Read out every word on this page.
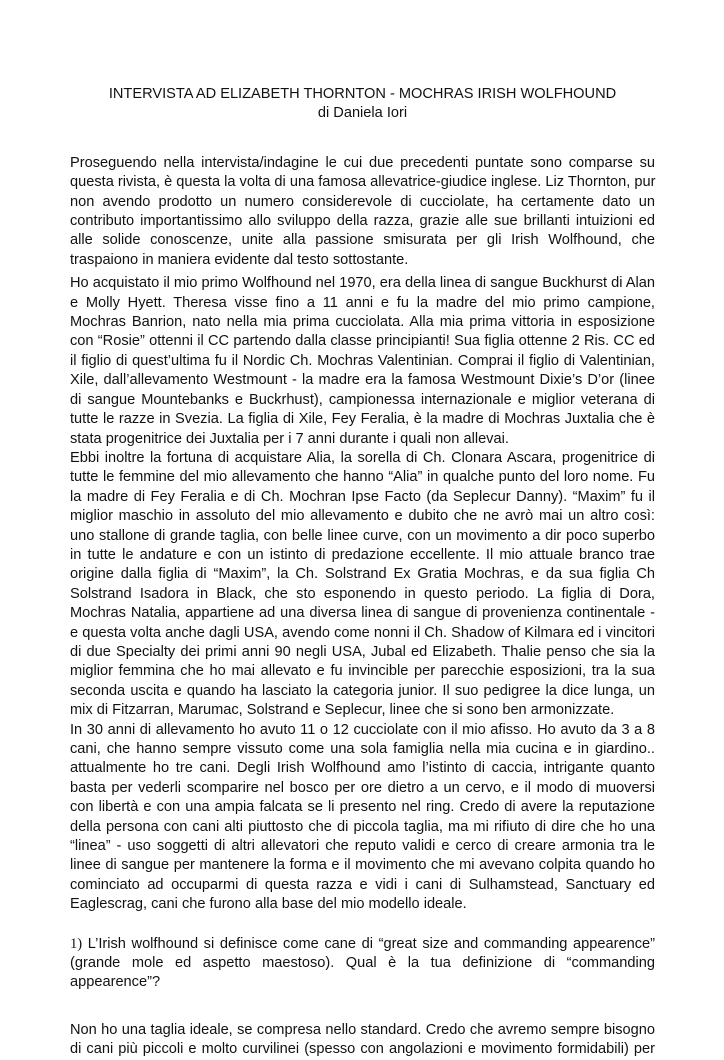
INTERVISTA AD ELIZABETH THORNTON - MOCHRAS IRISH WOLFHOUND
di Daniela Iori
Proseguendo nella intervista/indagine le cui due precedenti puntate sono comparse su
questa rivista, è questa la volta di una famosa allevatrice-giudice inglese. Liz Thornton, pur
non avendo prodotto un numero considerevole di cucciolate, ha certamente dato un
contributo importantissimo allo sviluppo della razza, grazie alle sue brillanti intuizioni ed
alle solide conoscenze, unite alla passione smisurata per gli Irish Wolfhound, che
traspaiono in maniera evidente dal testo sottostante.
Ho acquistato il mio primo Wolfhound nel 1970, era della linea di sangue Buckhurst di Alan
e Molly Hyett. Theresa visse fino a 11 anni e fu la madre del mio primo campione,
Mochras Banrion, nato nella mia prima cucciolata. Alla mia prima vittoria in esposizione
con “Rosie” ottenni il CC partendo dalla classe principianti! Sua figlia ottenne 2 Ris. CC ed
il figlio di quest’ultima fu il Nordic Ch. Mochras Valentinian. Comprai il figlio di Valentinian,
Xile, dall’allevamento Westmount - la madre era la famosa Westmount Dixie’s D’or (linee
di sangue Mountebanks e Buckrhust), campionessa internazionale e miglior veterana di
tutte le razze in Svezia. La figlia di Xile, Fey Feralia, è la madre di Mochras Juxtalia che è
stata progenitrice dei Juxtalia per i 7 anni durante i quali non allevai.
Ebbi inoltre la fortuna di acquistare Alia, la sorella di Ch. Clonara Ascara, progenitrice di
tutte le femmine del mio allevamento che hanno “Alia” in qualche punto del loro nome. Fu
la madre di Fey Feralia e di Ch. Mochran Ipse Facto (da Seplecur Danny). “Maxim” fu il
miglior maschio in assoluto del mio allevamento e dubito che ne avrò mai un altro così:
uno stallone di grande taglia, con belle linee curve, con un movimento a dir poco superbo
in tutte le andature e con un istinto di predazione eccellente. Il mio attuale branco trae
origine dalla figlia di “Maxim”, la Ch. Solstrand Ex Gratia Mochras, e da sua figlia Ch
Solstrand Isadora in Black, che sto esponendo in questo periodo. La figlia di Dora,
Mochras Natalia, appartiene ad una diversa linea di sangue di provenienza continentale -
e questa volta anche dagli USA, avendo come nonni il Ch. Shadow of Kilmara ed i vincitori
di due Specialty dei primi anni 90 negli USA, Jubal ed Elizabeth. Thalie penso che sia la
miglior femmina che ho mai allevato e fu invincible per parecchie esposizioni, tra la sua
seconda uscita e quando ha lasciato la categoria junior. Il suo pedigree la dice lunga, un
mix di Fitzarran, Marumac, Solstrand e Seplecur, linee che si sono ben armonizzate.
In 30 anni di allevamento ho avuto 11 o 12 cucciolate con il mio afisso. Ho avuto da 3 a 8
cani, che hanno sempre vissuto come una sola famiglia nella mia cucina e in giardino..
attualmente ho tre cani. Degli Irish Wolfhound amo l’istinto di caccia, intrigante quanto
basta per vederli scomparire nel bosco per ore dietro a un cervo, e il modo di muoversi
con libertà e con una ampia falcata se li presento nel ring. Credo di avere la reputazione
della persona con cani alti piuttosto che di piccola taglia, ma mi rifiuto di dire che ho una
“linea” - uso soggetti di altri allevatori che reputo validi e cerco di creare armonia tra le
linee di sangue per mantenere la forma e il movimento che mi avevano colpita quando ho
cominciato ad occuparmi di questa razza e vidi i cani di Sulhamstead, Sanctuary ed
Eaglescrag, cani che furono alla base del mio modello ideale.
1) L’Irish wolfhound si definisce come cane di “great size and commanding appearence”
(grande mole ed aspetto maestoso). Qual è la tua definizione di “commanding
appearence”?
Non ho una taglia ideale, se compresa nello standard. Credo che avremo sempre bisogno
di cani più piccoli e molto curvilinei (spesso con angolazioni e movimento formidabili) per
